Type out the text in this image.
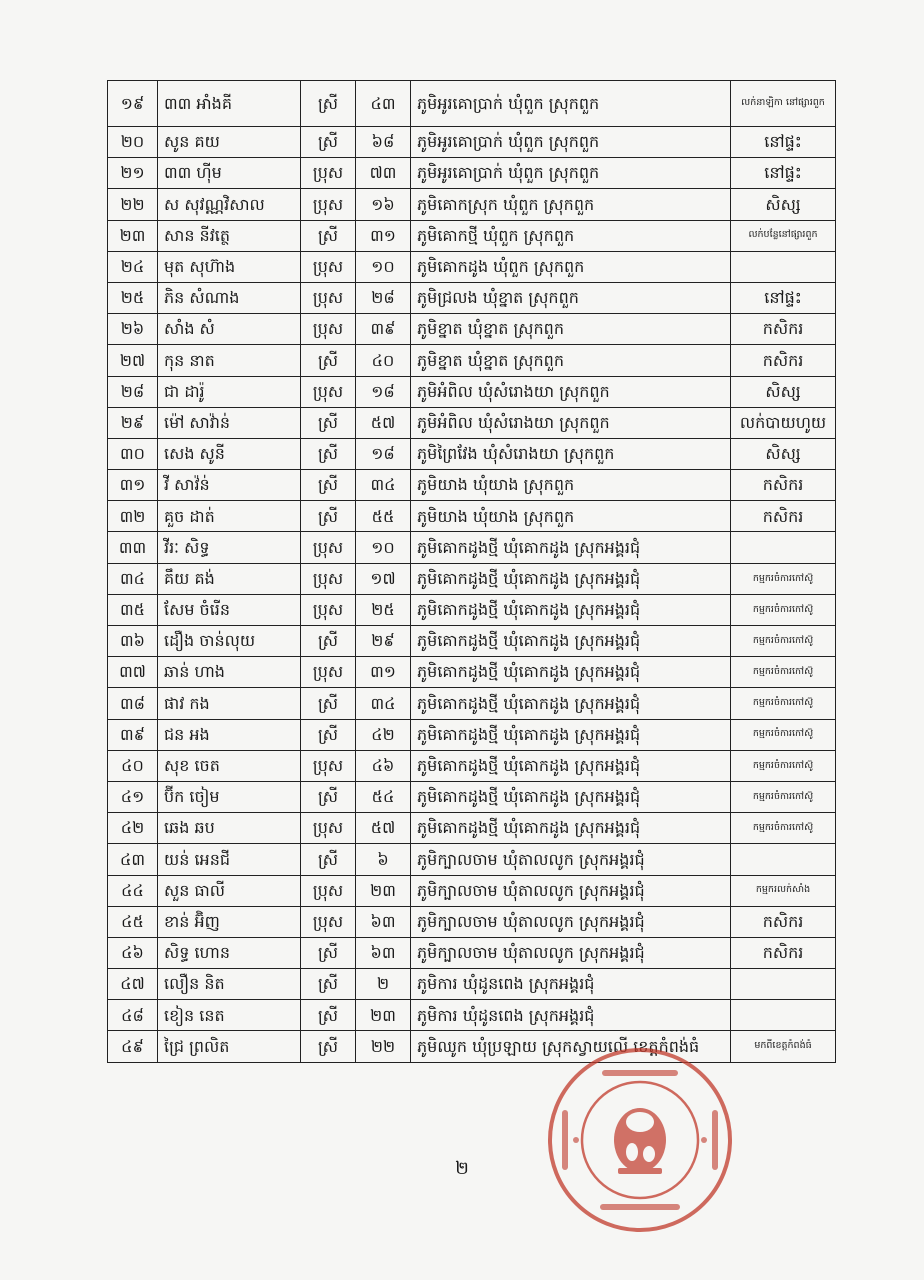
១៩	៣៣ អាំងគី	ស្រី	៤៣	ភូមិអូរគោប្រាក់ ឃុំពួក ស្រុកពួក	លក់នាឡិកា នៅផ្សារពួក
២០	សូន គយ	ស្រី	៦៨	ភូមិអូរគោប្រាក់ ឃុំពួក ស្រុកពួក	នៅផ្ទះ
២១	៣៣ ហ៊ីម	ប្រុស	៧៣	ភូមិអូរគោប្រាក់ ឃុំពួក ស្រុកពួក	នៅផ្ទះ
២២	ស សុវណ្ណវិសាល	ប្រុស	១៦	ភូមិគោកស្រុក ឃុំពួក ស្រុកពួក	សិស្ស
២៣	សាន នីវត្ថេ	ស្រី	៣១	ភូមិគោកថ្មី ឃុំពួក ស្រុកពួក	លក់បន្លែនៅផ្សារពួក
២៤	មុត សុហ៊ាង	ប្រុស	១០	ភូមិគោកដូង ឃុំពួក ស្រុកពួក	
២៥	ភិន សំណាង	ប្រុស	២៨	ភូមិជ្រលង ឃុំខ្នាត ស្រុកពួក	នៅផ្ទះ
២៦	សាំង សំ	ប្រុស	៣៩	ភូមិខ្នាត ឃុំខ្នាត ស្រុកពួក	កសិករ
២៧	កុន នាត	ស្រី	៤០	ភូមិខ្នាត ឃុំខ្នាត ស្រុកពួក	កសិករ
២៨	ជា ដារ៉ូ	ប្រុស	១៨	ភូមិអំពិល ឃុំសំរោងយា ស្រុកពួក	សិស្ស
២៩	ម៉ៅ សាវ៉ាន់	ស្រី	៥៧	ភូមិអំពិល ឃុំសំរោងយា ស្រុកពួក	លក់បាយហូយ
៣០	សេង សូនី	ស្រី	១៨	ភូមិព្រៃវែង ឃុំសំរោងយា ស្រុកពួក	សិស្ស
៣១	វី សាវ៉ន់	ស្រី	៣៤	ភូមិយាង ឃុំយាង ស្រុកពួក	កសិករ
៣២	គួច ដាត់	ស្រី	៥៥	ភូមិយាង ឃុំយាង ស្រុកពួក	កសិករ
៣៣	វីរៈ សិទ្ធ	ប្រុស	១០	ភូមិគោកដូងថ្មី ឃុំគោកដូង ស្រុកអង្គរជុំ	
៣៤	គឹយ គង់	ប្រុស	១៧	ភូមិគោកដូងថ្មី ឃុំគោកដូង ស្រុកអង្គរជុំ	កម្មករចំការកៅស៊ូ
៣៥	សែម ចំរើន	ប្រុស	២៥	ភូមិគោកដូងថ្មី ឃុំគោកដូង ស្រុកអង្គរជុំ	កម្មករចំការកៅស៊ូ
៣៦	ដឿង ចាន់លុយ	ស្រី	២៩	ភូមិគោកដូងថ្មី ឃុំគោកដូង ស្រុកអង្គរជុំ	កម្មករចំការកៅស៊ូ
៣៧	ឆាន់ ហាង	ប្រុស	៣១	ភូមិគោកដូងថ្មី ឃុំគោកដូង ស្រុកអង្គរជុំ	កម្មករចំការកៅស៊ូ
៣៨	ផាវ កង	ស្រី	៣៤	ភូមិគោកដូងថ្មី ឃុំគោកដូង ស្រុកអង្គរជុំ	កម្មករចំការកៅស៊ូ
៣៩	ជន អង	ស្រី	៤២	ភូមិគោកដូងថ្មី ឃុំគោកដូង ស្រុកអង្គរជុំ	កម្មករចំការកៅស៊ូ
៤០	សុខ ចេត	ប្រុស	៤៦	ភូមិគោកដូងថ្មី ឃុំគោកដូង ស្រុកអង្គរជុំ	កម្មករចំការកៅស៊ូ
៤១	ប៊ីក ចៀម	ស្រី	៥៤	ភូមិគោកដូងថ្មី ឃុំគោកដូង ស្រុកអង្គរជុំ	កម្មករចំការកៅស៊ូ
៤២	ឆេង ឆប	ប្រុស	៥៧	ភូមិគោកដូងថ្មី ឃុំគោកដូង ស្រុកអង្គរជុំ	កម្មករចំការកៅស៊ូ
៤៣	យន់ អេនជី	ស្រី	៦	ភូមិក្បាលចាម ឃុំតាលលូក ស្រុកអង្គរជុំ	
៤៤	សួន ធាលី	ប្រុស	២៣	ភូមិក្បាលចាម ឃុំតាលលូក ស្រុកអង្គរជុំ	កម្មករលក់សាំង
៤៥	ខាន់ អ៊ិញ	ប្រុស	៦៣	ភូមិក្បាលចាម ឃុំតាលលូក ស្រុកអង្គរជុំ	កសិករ
៤៦	សិទ្ធ ហោន	ស្រី	៦៣	ភូមិក្បាលចាម ឃុំតាលលូក ស្រុកអង្គរជុំ	កសិករ
៤៧	លឿន និត	ស្រី	២	ភូមិការ ឃុំដូនពេង ស្រុកអង្គរជុំ	
៤៨	ខៀន នេត	ស្រី	២៣	ភូមិការ ឃុំដូនពេង ស្រុកអង្គរជុំ	
៤៩	ជ្រៃ ព្រលិត	ស្រី	២២	ភូមិឈូក ឃុំប្រឡាយ ស្រុកស្វាយលើ ខេត្តកំពង់ធំ	មកពីខេត្តកំពង់ធំ
២
